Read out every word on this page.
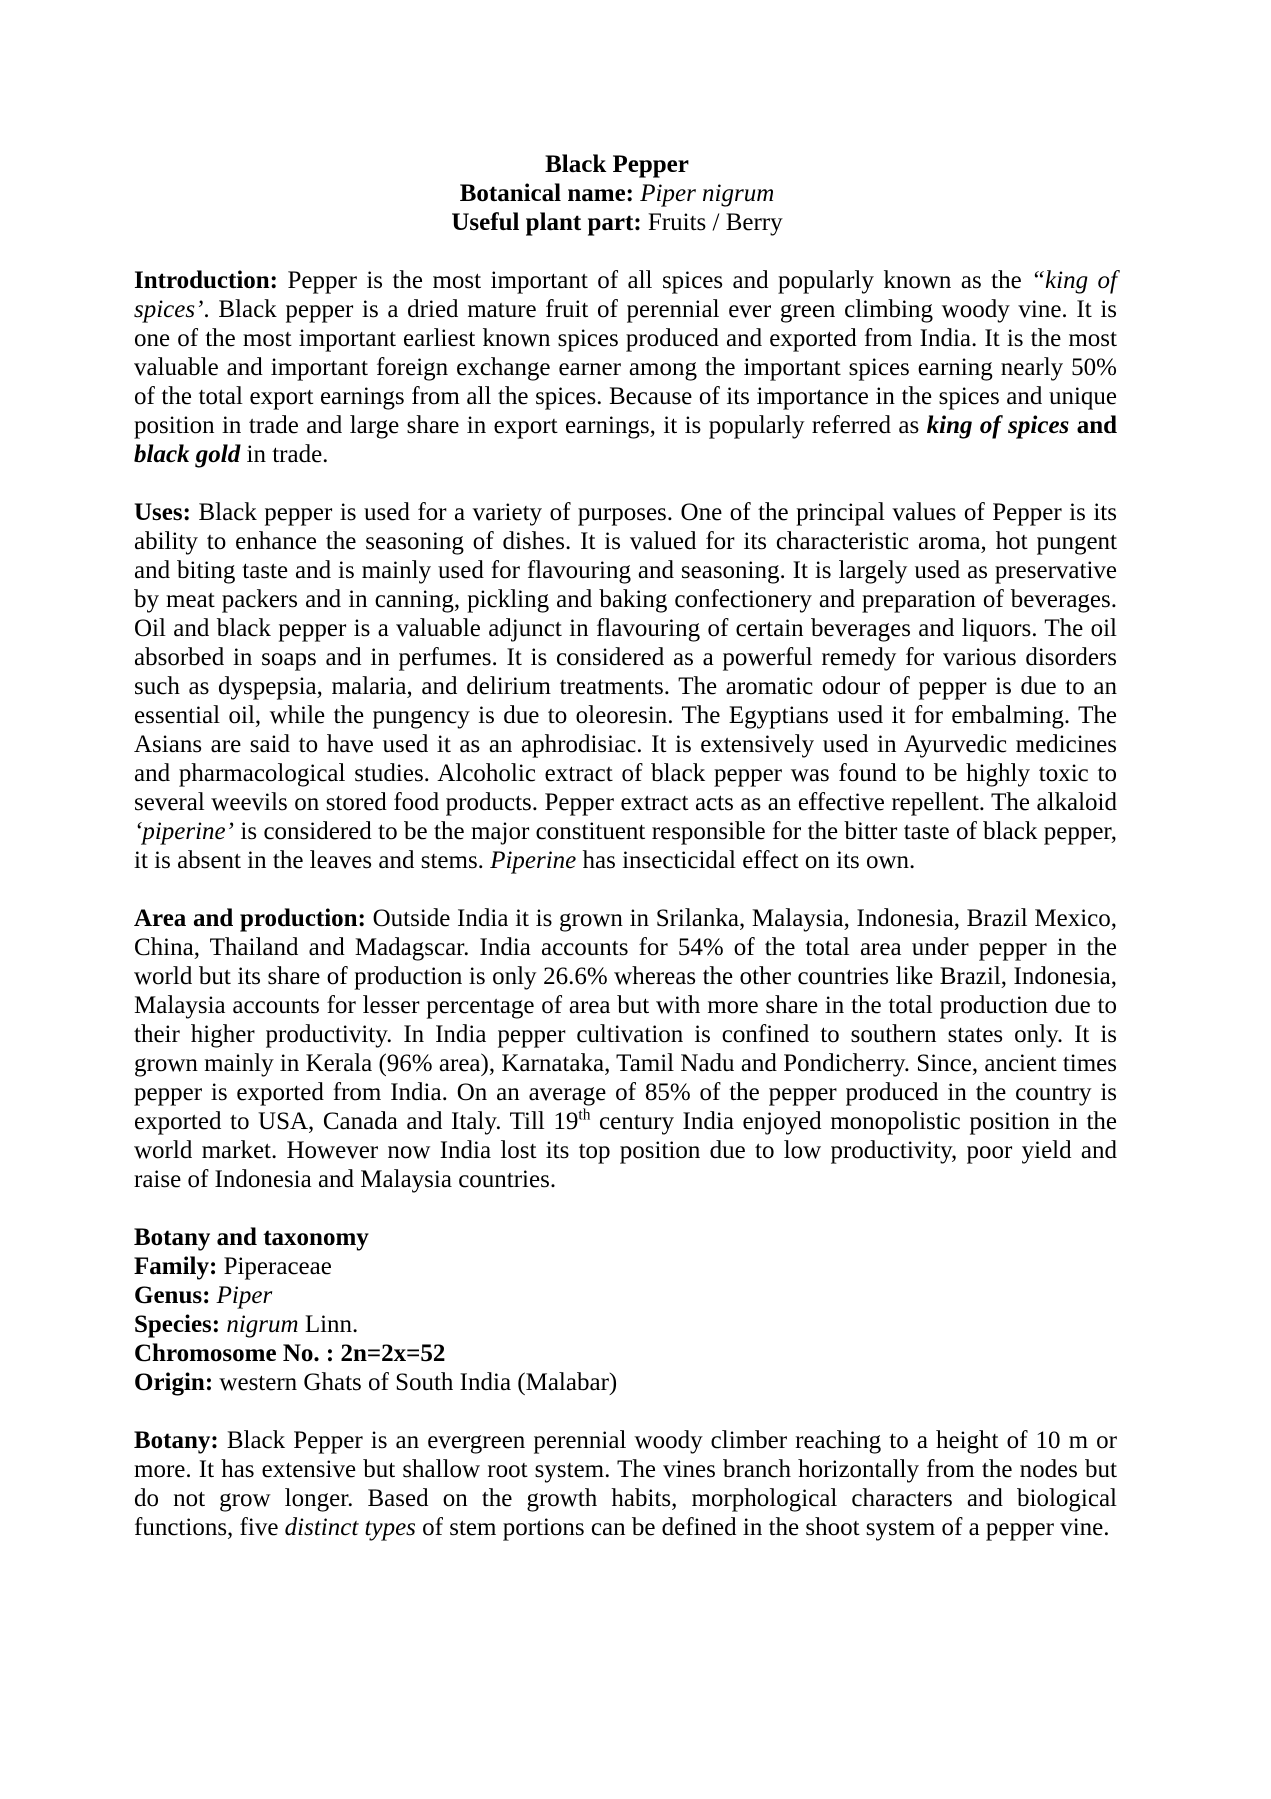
Black Pepper
Botanical name: Piper nigrum
Useful plant part: Fruits / Berry

Introduction: Pepper is the most important of all spices and popularly known as the “king of spices’. Black pepper is a dried mature fruit of perennial ever green climbing woody vine. It is one of the most important earliest known spices produced and exported from India. It is the most valuable and important foreign exchange earner among the important spices earning nearly 50% of the total export earnings from all the spices. Because of its importance in the spices and unique position in trade and large share in export earnings, it is popularly referred as king of spices and black gold in trade.

Uses: Black pepper is used for a variety of purposes. One of the principal values of Pepper is its ability to enhance the seasoning of dishes. It is valued for its characteristic aroma, hot pungent and biting taste and is mainly used for flavouring and seasoning. It is largely used as preservative by meat packers and in canning, pickling and baking confectionery and preparation of beverages. Oil and black pepper is a valuable adjunct in flavouring of certain beverages and liquors. The oil absorbed in soaps and in perfumes. It is considered as a powerful remedy for various disorders such as dyspepsia, malaria, and delirium treatments. The aromatic odour of pepper is due to an essential oil, while the pungency is due to oleoresin. The Egyptians used it for embalming. The Asians are said to have used it as an aphrodisiac. It is extensively used in Ayurvedic medicines and pharmacological studies. Alcoholic extract of black pepper was found to be highly toxic to several weevils on stored food products. Pepper extract acts as an effective repellent. The alkaloid ‘piperine’ is considered to be the major constituent responsible for the bitter taste of black pepper, it is absent in the leaves and stems. Piperine has insecticidal effect on its own.

Area and production: Outside India it is grown in Srilanka, Malaysia, Indonesia, Brazil Mexico, China, Thailand and Madagscar. India accounts for 54% of the total area under pepper in the world but its share of production is only 26.6% whereas the other countries like Brazil, Indonesia, Malaysia accounts for lesser percentage of area but with more share in the total production due to their higher productivity. In India pepper cultivation is confined to southern states only. It is grown mainly in Kerala (96% area), Karnataka, Tamil Nadu and Pondicherry. Since, ancient times pepper is exported from India. On an average of 85% of the pepper produced in the country is exported to USA, Canada and Italy. Till 19th century India enjoyed monopolistic position in the world market. However now India lost its top position due to low productivity, poor yield and raise of Indonesia and Malaysia countries.

Botany and taxonomy
Family: Piperaceae
Genus: Piper
Species: nigrum Linn.
Chromosome No. : 2n=2x=52
Origin: western Ghats of South India (Malabar)

Botany: Black Pepper is an evergreen perennial woody climber reaching to a height of 10 m or more. It has extensive but shallow root system. The vines branch horizontally from the nodes but do not grow longer. Based on the growth habits, morphological characters and biological functions, five distinct types of stem portions can be defined in the shoot system of a pepper vine.
